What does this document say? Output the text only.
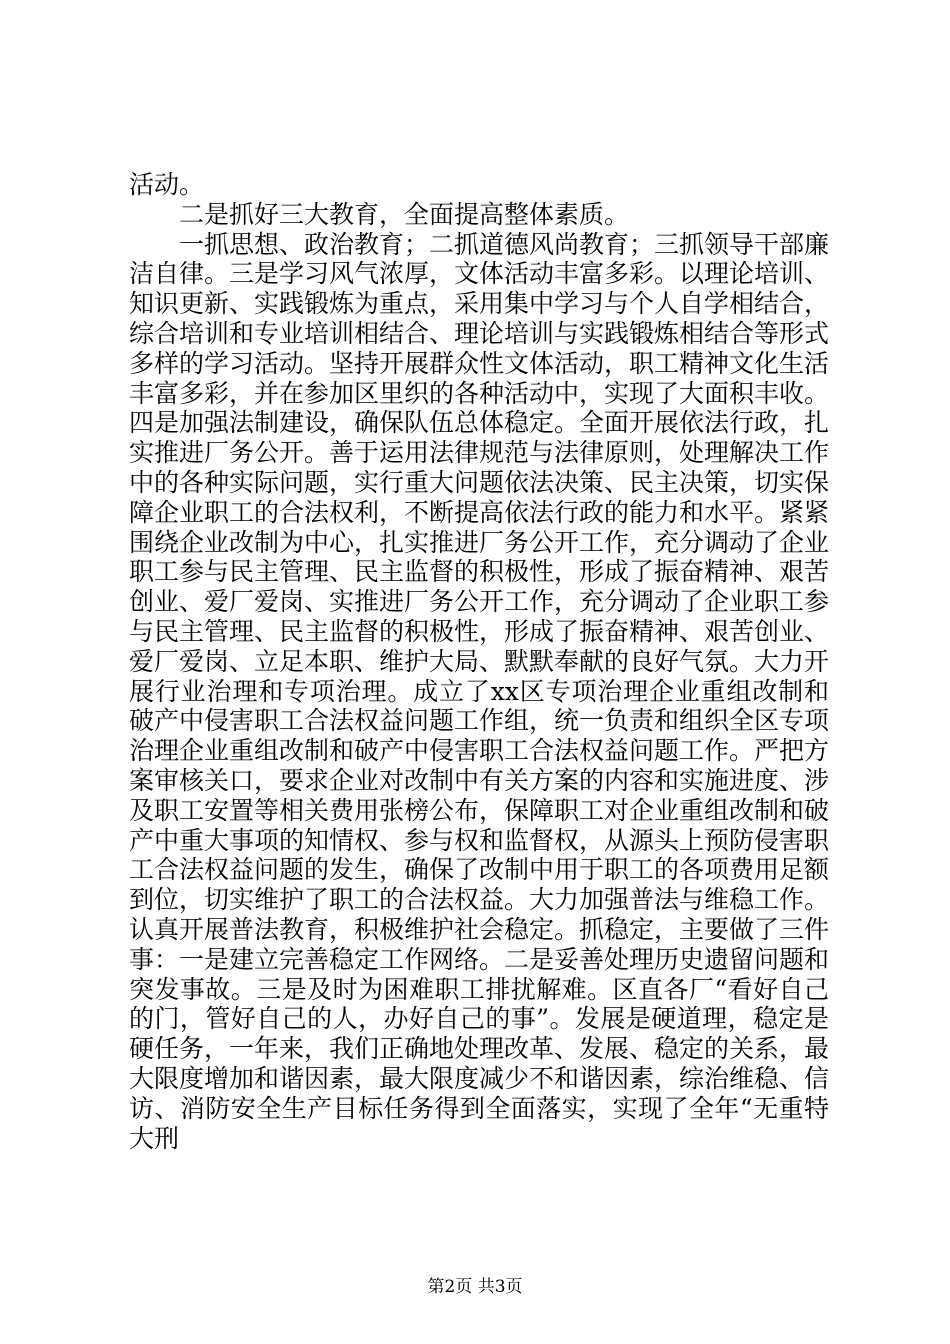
活动。

二是抓好三大教育，全面提高整体素质。

一抓思想、政治教育；二抓道德风尚教育；三抓领导干部廉洁自律。三是学习风气浓厚，文体活动丰富多彩。以理论培训、知识更新、实践锻炼为重点，采用集中学习与个人自学相结合，综合培训和专业培训相结合、理论培训与实践锻炼相结合等形式多样的学习活动。坚持开展群众性文体活动，职工精神文化生活丰富多彩，并在参加区里织的各种活动中，实现了大面积丰收。四是加强法制建设，确保队伍总体稳定。全面开展依法行政，扎实推进厂务公开。善于运用法律规范与法律原则，处理解决工作中的各种实际问题，实行重大问题依法决策、民主决策，切实保障企业职工的合法权利，不断提高依法行政的能力和水平。紧紧围绕企业改制为中心，扎实推进厂务公开工作，充分调动了企业职工参与民主管理、民主监督的积极性，形成了振奋精神、艰苦创业、爱厂爱岗、实推进厂务公开工作，充分调动了企业职工参与民主管理、民主监督的积极性，形成了振奋精神、艰苦创业、爱厂爱岗、立足本职、维护大局、默默奉献的良好气氛。大力开展行业治理和专项治理。成立了xx区专项治理企业重组改制和破产中侵害职工合法权益问题工作组，统一负责和组织全区专项治理企业重组改制和破产中侵害职工合法权益问题工作。严把方案审核关口，要求企业对改制中有关方案的内容和实施进度、涉及职工安置等相关费用张榜公布，保障职工对企业重组改制和破产中重大事项的知情权、参与权和监督权，从源头上预防侵害职工合法权益问题的发生，确保了改制中用于职工的各项费用足额到位，切实维护了职工的合法权益。大力加强普法与维稳工作。认真开展普法教育，积极维护社会稳定。抓稳定，主要做了三件事：一是建立完善稳定工作网络。二是妥善处理历史遗留问题和突发事故。三是及时为困难职工排扰解难。区直各厂“看好自己的门，管好自己的人，办好自己的事”。发展是硬道理，稳定是硬任务，一年来，我们正确地处理改革、发展、稳定的关系，最大限度增加和谐因素，最大限度减少不和谐因素，综治维稳、信访、消防安全生产目标任务得到全面落实，实现了全年“无重特大刑

第2页 共3页
